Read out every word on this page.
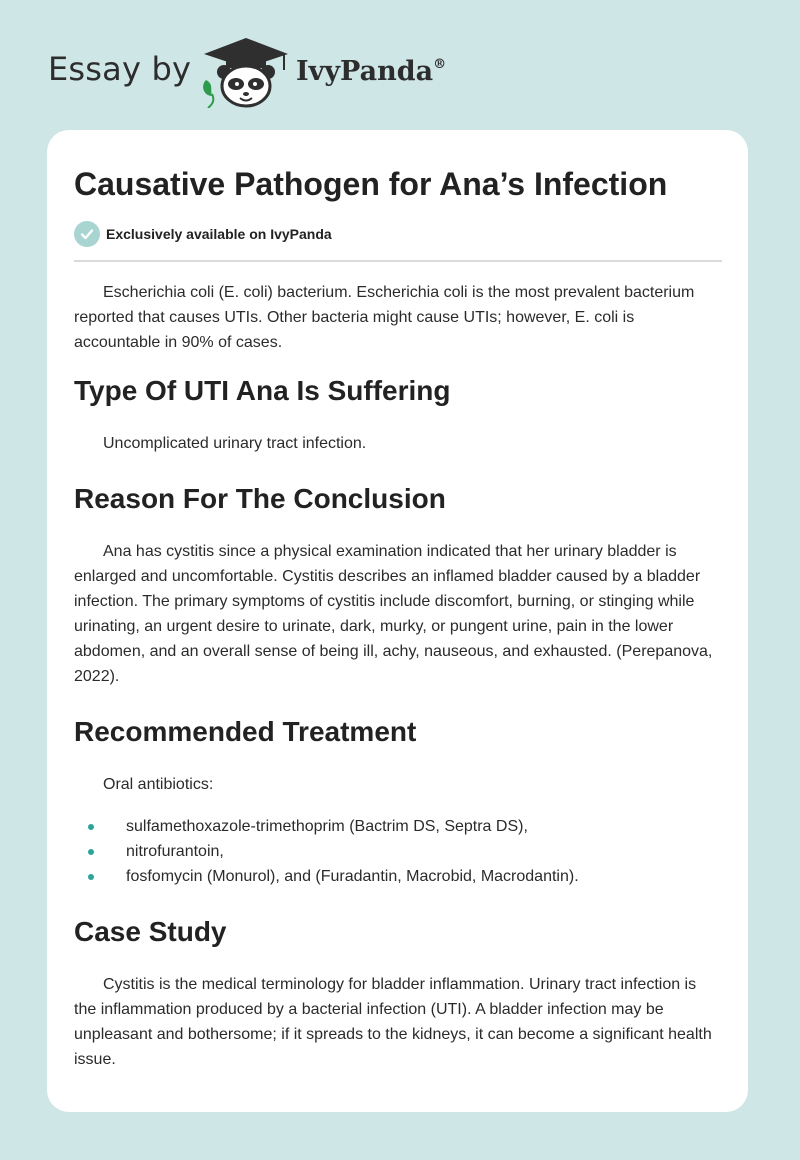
Essay by	IvyPanda®
Causative Pathogen for Ana’s Infection
Exclusively available on IvyPanda

Escherichia coli (E. coli) bacterium. Escherichia coli is the most prevalent bacterium reported that causes UTIs. Other bacteria might cause UTIs; however, E. coli is accountable in 90% of cases.

Type Of UTI Ana Is Suffering

Uncomplicated urinary tract infection.

Reason For The Conclusion

Ana has cystitis since a physical examination indicated that her urinary bladder is enlarged and uncomfortable. Cystitis describes an inflamed bladder caused by a bladder infection. The primary symptoms of cystitis include discomfort, burning, or stinging while urinating, an urgent desire to urinate, dark, murky, or pungent urine, pain in the lower abdomen, and an overall sense of being ill, achy, nauseous, and exhausted. (Perepanova, 2022).

Recommended Treatment

Oral antibiotics:

sulfamethoxazole-trimethoprim (Bactrim DS, Septra DS),
nitrofurantoin,
fosfomycin (Monurol), and (Furadantin, Macrobid, Macrodantin).
Case Study

Cystitis is the medical terminology for bladder inflammation. Urinary tract infection is the inflammation produced by a bacterial infection (UTI). A bladder infection may be unpleasant and bothersome; if it spreads to the kidneys, it can become a significant health issue.
